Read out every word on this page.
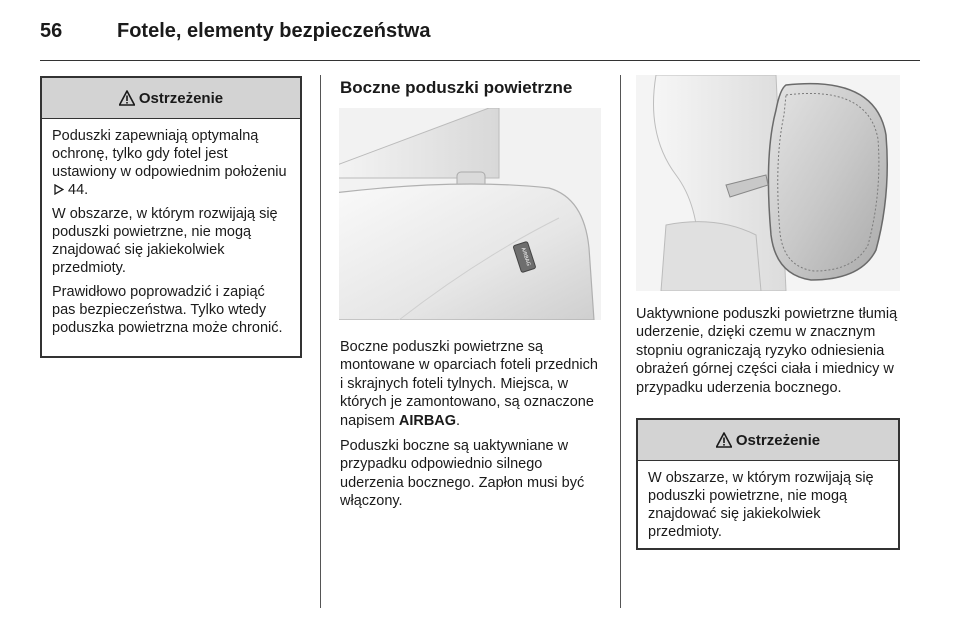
56	Fotele, elementy bezpieczeństwa
Ostrzeżenie

Poduszki zapewniają optymalną ochronę, tylko gdy fotel jest ustawiony w odpowiednim położeniu  44.

W obszarze, w którym rozwijają się poduszki powietrzne, nie mogą znajdować się jakiekolwiek przedmioty.

Prawidłowo poprowadzić i zapiąć pas bezpieczeństwa. Tylko wtedy poduszka powietrzna może chronić.

Boczne poduszki powietrzne
AIRBAG

Boczne poduszki powietrzne są montowane w oparciach foteli przednich i skrajnych foteli tylnych. Miejsca, w których je zamontowano, są oznaczone napisem AIRBAG.

Poduszki boczne są uaktywniane w przypadku odpowiednio silnego uderzenia bocznego. Zapłon musi być włączony.

Uaktywnione poduszki powietrzne tłumią uderzenie, dzięki czemu w znacznym stopniu ograniczają ryzyko odniesienia obrażeń górnej części ciała i miednicy w przypadku uderzenia bocznego.

Ostrzeżenie

W obszarze, w którym rozwijają się poduszki powietrzne, nie mogą znajdować się jakiekolwiek przedmioty.
